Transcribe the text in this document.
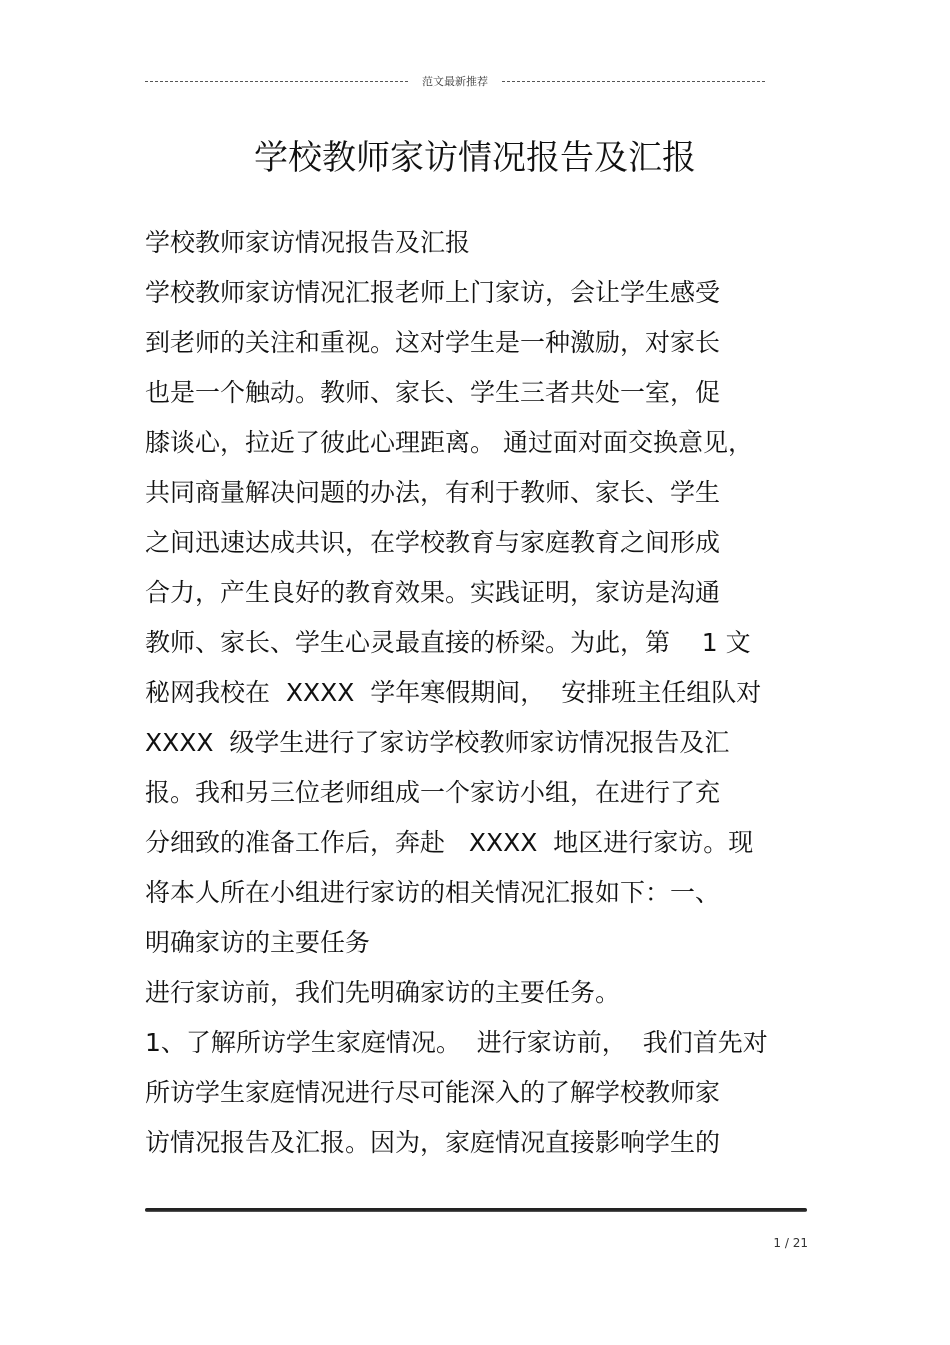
范文最新推荐
学校教师家访情况报告及汇报
学校教师家访情况报告及汇报
学校教师家访情况汇报老师上门家访，会让学生感受
到老师的关注和重视。这对学生是一种激励，对家长
也是一个触动。教师、家长、学生三者共处一室，促
膝谈心，拉近了彼此心理距离。 通过面对面交换意见，
共同商量解决问题的办法，有利于教师、家长、学生
之间迅速达成共识，在学校教育与家庭教育之间形成
合力，产生良好的教育效果。实践证明，家访是沟通
教师、家长、学生心灵最直接的桥梁。为此，第    1 文
秘网我校在  XXXX  学年寒假期间，  安排班主任组队对
XXXX  级学生进行了家访学校教师家访情况报告及汇
报。我和另三位老师组成一个家访小组，在进行了充
分细致的准备工作后，奔赴   XXXX  地区进行家访。现
将本人所在小组进行家访的相关情况汇报如下：一、
明确家访的主要任务
进行家访前，我们先明确家访的主要任务。
1、了解所访学生家庭情况。  进行家访前，  我们首先对
所访学生家庭情况进行尽可能深入的了解学校教师家
访情况报告及汇报。因为，家庭情况直接影响学生的
1 / 21
